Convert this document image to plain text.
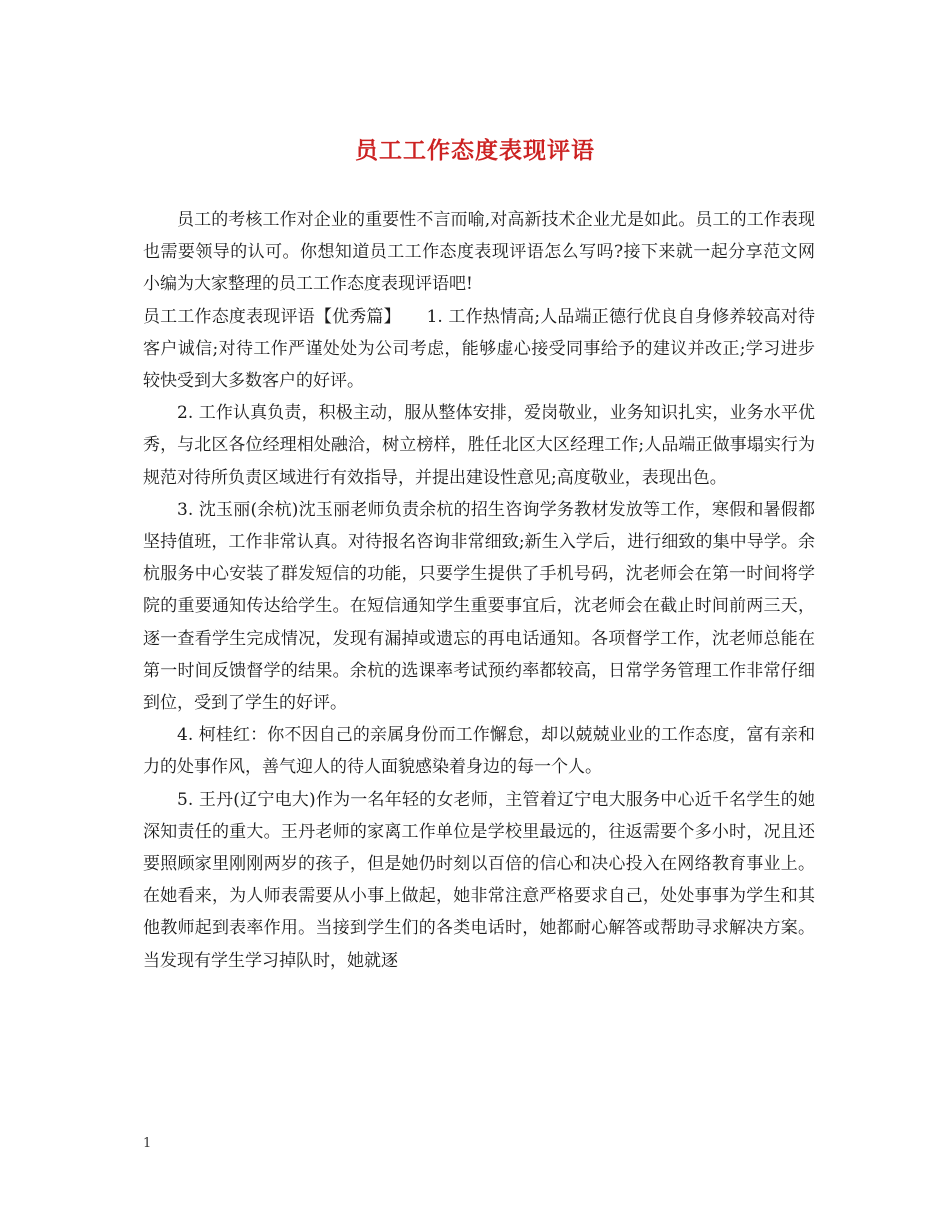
员工工作态度表现评语

员工的考核工作对企业的重要性不言而喻,对高新技术企业尤是如此。员工的工作表现也需要领导的认可。你想知道员工工作态度表现评语怎么写吗?接下来就一起分享范文网小编为大家整理的员工工作态度表现评语吧!

员工工作态度表现评语【优秀篇】　　1. 工作热情高;人品端正德行优良自身修养较高对待客户诚信;对待工作严谨处处为公司考虑，能够虚心接受同事给予的建议并改正;学习进步较快受到大多数客户的好评。

2. 工作认真负责，积极主动，服从整体安排，爱岗敬业，业务知识扎实，业务水平优秀，与北区各位经理相处融洽，树立榜样，胜任北区大区经理工作;人品端正做事塌实行为规范对待所负责区域进行有效指导，并提出建设性意见;高度敬业，表现出色。

3. 沈玉丽(余杭)沈玉丽老师负责余杭的招生咨询学务教材发放等工作，寒假和暑假都坚持值班，工作非常认真。对待报名咨询非常细致;新生入学后，进行细致的集中导学。余杭服务中心安装了群发短信的功能，只要学生提供了手机号码，沈老师会在第一时间将学院的重要通知传达给学生。在短信通知学生重要事宜后，沈老师会在截止时间前两三天，逐一查看学生完成情况，发现有漏掉或遗忘的再电话通知。各项督学工作，沈老师总能在第一时间反馈督学的结果。余杭的选课率考试预约率都较高，日常学务管理工作非常仔细到位，受到了学生的好评。

4. 柯桂红：你不因自己的亲属身份而工作懈怠，却以兢兢业业的工作态度，富有亲和力的处事作风，善气迎人的待人面貌感染着身边的每一个人。

5. 王丹(辽宁电大)作为一名年轻的女老师，主管着辽宁电大服务中心近千名学生的她深知责任的重大。王丹老师的家离工作单位是学校里最远的，往返需要个多小时，况且还要照顾家里刚刚两岁的孩子，但是她仍时刻以百倍的信心和决心投入在网络教育事业上。在她看来，为人师表需要从小事上做起，她非常注意严格要求自己，处处事事为学生和其他教师起到表率作用。当接到学生们的各类电话时，她都耐心解答或帮助寻求解决方案。当发现有学生学习掉队时，她就逐

1
